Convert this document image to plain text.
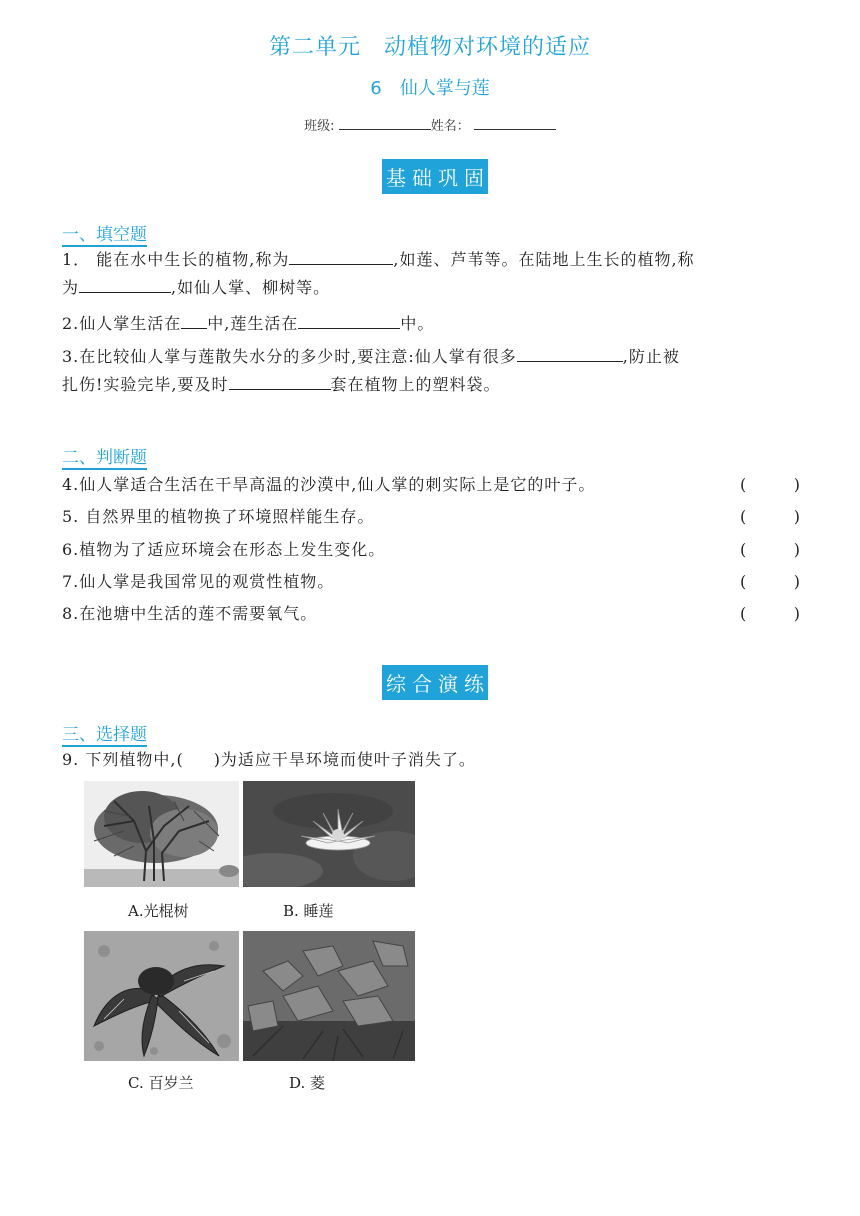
第二单元　动植物对环境的适应
6　仙人掌与莲
班级:	姓名：
基础巩固
一、填空题
1． 能在水中生长的植物,称为	,如莲、芦苇等。在陆地上生长的植物,称
为	,如仙人掌、柳树等。
2.仙人掌生活在 中,莲生活在	中。
3.在比较仙人掌与莲散失水分的多少时,要注意:仙人掌有很多	,防止被
扎伤!实验完毕,要及时	套在植物上的塑料袋。
二、判断题
4.仙人掌适合生活在干旱高温的沙漠中,仙人掌的刺实际上是它的叶子。	(	)
5. 自然界里的植物换了环境照样能生存。	(	)
6.植物为了适应环境会在形态上发生变化。	(	)
7.仙人掌是我国常见的观赏性植物。	(	)
8.在池塘中生活的莲不需要氧气。	(	)
综合演练
三、选择题
9. 下列植物中,( )为适应干旱环境而使叶子消失了。
A.光棍树	B. 睡莲
C. 百岁兰	D. 菱
